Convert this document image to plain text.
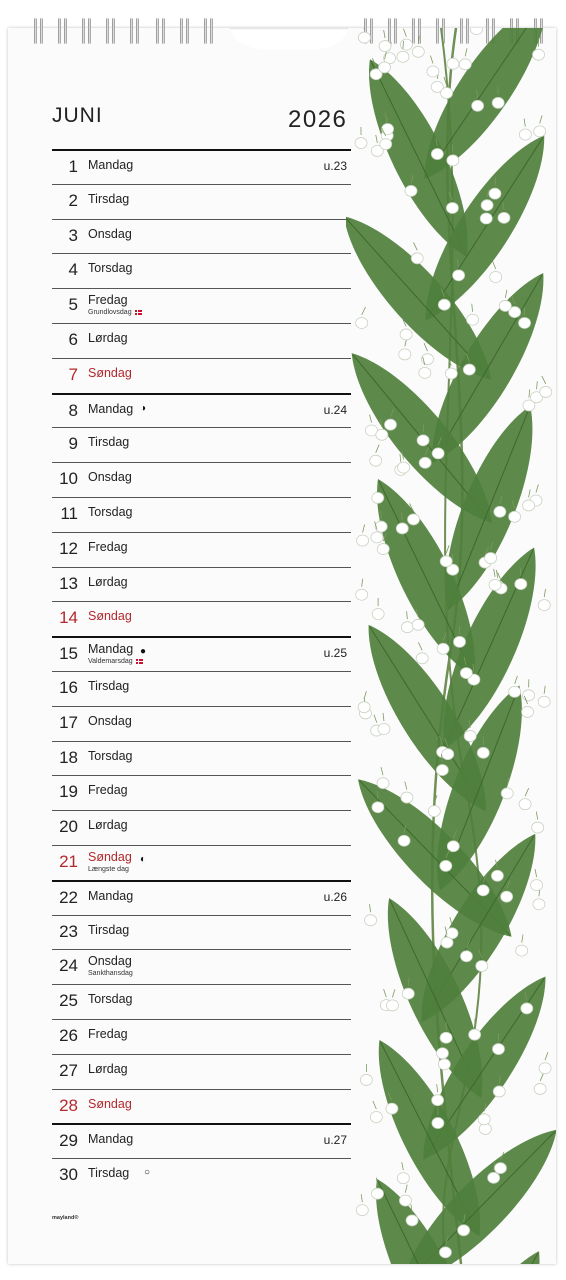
JUNI	2026
1 Mandag	u.23
2 Tirsdag
3 Onsdag
4 Torsdag
5 Fredag
Grundlovsdag
6 Lørdag
7 Søndag
8 Mandag ◑	u.24
9 Tirsdag
10 Onsdag
11 Torsdag
12 Fredag
13 Lørdag
14 Søndag
15 Mandag
Valdemarsdag
●	u.25
16 Tirsdag
17 Onsdag
18 Torsdag
19 Fredag
20 Lørdag
21 Søndag
Længste dag
◐
22 Mandag	u.26
23 Tirsdag
24 Onsdag
Sankthansdag
25 Torsdag
26 Fredag
27 Lørdag
28 Søndag
29 Mandag	u.27
30 Tirsdag ○
mayland®
